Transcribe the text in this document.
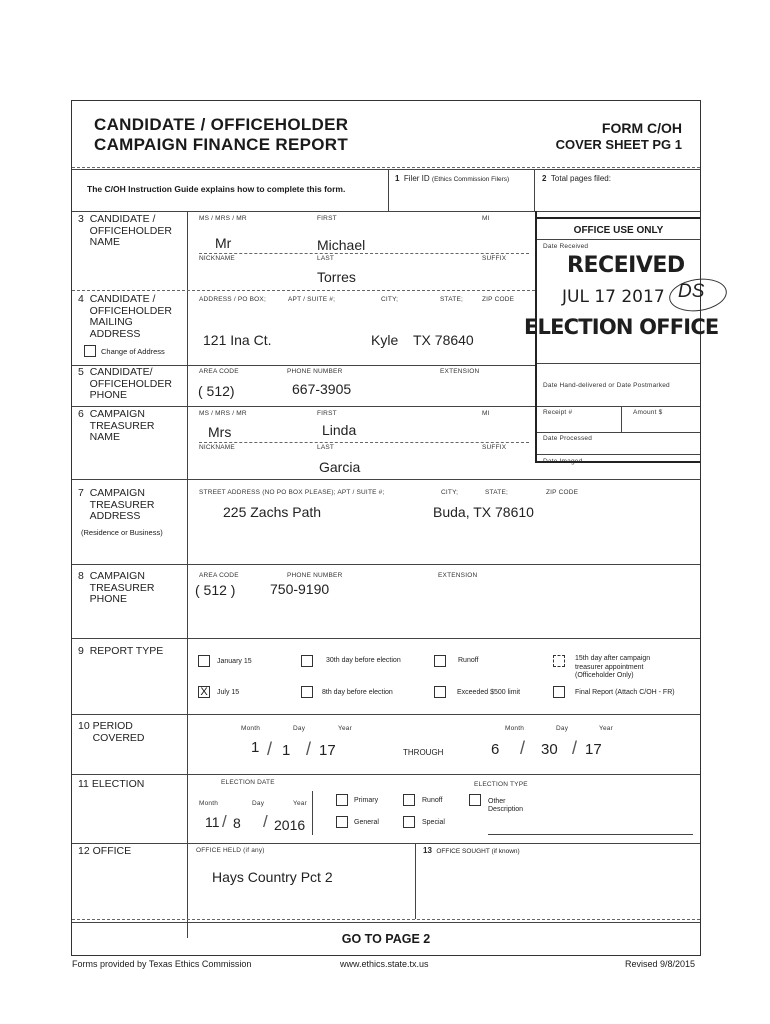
CANDIDATE / OFFICEHOLDER
CAMPAIGN FINANCE REPORT
FORM C/OH
COVER SHEET PG 1
The C/OH Instruction Guide explains how to complete this form.
1 Filer ID (Ethics Commission Filers)	2 Total pages filed:
OFFICE USE ONLY
Date Received
Date Hand-delivered or Date Postmarked
Receipt #	Amount $
Date Processed
Date Imaged
RECEIVED
JUL 17 2017
ELECTION OFFICE
DS
3 CANDIDATE /
OFFICEHOLDER
NAME
MS / MRS / MR	FIRST	MI
Mr	Michael
NICKNAME	LAST	SUFFIX
Torres
4 CANDIDATE /
OFFICEHOLDER
MAILING
ADDRESS
Change of Address
ADDRESS / PO BOX;	APT / SUITE #;	CITY;	STATE;	ZIP CODE
121 Ina Ct.	Kyle TX 78640
5 CANDIDATE/
OFFICEHOLDER
PHONE
AREA CODE	PHONE NUMBER	EXTENSION
( 512)	667-3905
6 CAMPAIGN
TREASURER
NAME
MS / MRS / MR	FIRST	MI
Mrs	Linda
NICKNAME	LAST	SUFFIX
Garcia
7 CAMPAIGN
TREASURER
ADDRESS
(Residence or Business)
STREET ADDRESS (NO PO BOX PLEASE); APT / SUITE #;	CITY;	STATE;	ZIP CODE
225 Zachs Path	Buda, TX 78610
8 CAMPAIGN
TREASURER
PHONE
AREA CODE	PHONE NUMBER	EXTENSION
( 512 ) 750-9190
9 REPORT TYPE
January 15	30th day before election	Runoff	15th day after campaign
treasurer appointment
(Officeholder Only)
X	July 15	8th day before election	Exceeded $500 limit	Final Report (Attach C/OH - FR)
10 PERIOD
COVERED
Month	Day	Year
1 / 1 / 17	THROUGH
Month	Day	Year
6 / 30 / 17
11 ELECTION	ELECTION DATE	ELECTION TYPE
Month	Day	Year
11 / 8 / 2016
Primary	Runoff	Other
Description
General	Special
12 OFFICE	OFFICE HELD (if any)
Hays Country Pct 2
13 OFFICE SOUGHT (if known)
GO TO PAGE 2
Forms provided by Texas Ethics Commission	www.ethics.state.tx.us	Revised 9/8/2015
